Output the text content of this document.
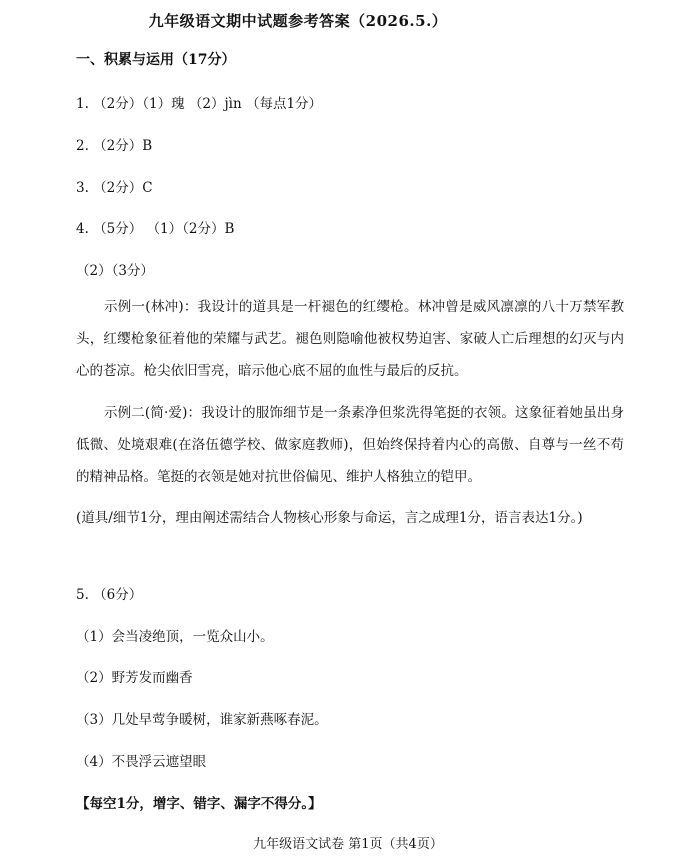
九年级语文期中试题参考答案（2026.5.）
一、积累与运用（17分）
1. （2分）（1）瑰 （2）jìn （每点1分）
2. （2分）B
3. （2分）C
4. （5分） （1）（2分）B
（2）（3分）

示例一(林冲)：我设计的道具是一杆褪色的红缨枪。林冲曾是威风凛凛的八十万禁军教头，红缨枪象征着他的荣耀与武艺。褪色则隐喻他被权势迫害、家破人亡后理想的幻灭与内心的苍凉。枪尖依旧雪亮，暗示他心底不屈的血性与最后的反抗。

示例二(简·爱)：我设计的服饰细节是一条素净但浆洗得笔挺的衣领。这象征着她虽出身低微、处境艰难(在洛伍德学校、做家庭教师)，但始终保持着内心的高傲、自尊与一丝不苟的精神品格。笔挺的衣领是她对抗世俗偏见、维护人格独立的铠甲。

(道具/细节1分，理由阐述需结合人物核心形象与命运，言之成理1分，语言表达1分。)

5. （6分）
（1）会当凌绝顶，一览众山小。
（2）野芳发而幽香
（3）几处早莺争暖树，谁家新燕啄春泥。
（4）不畏浮云遮望眼
【每空1分，增字、错字、漏字不得分。】
九年级语文试卷 第1页（共4页）
